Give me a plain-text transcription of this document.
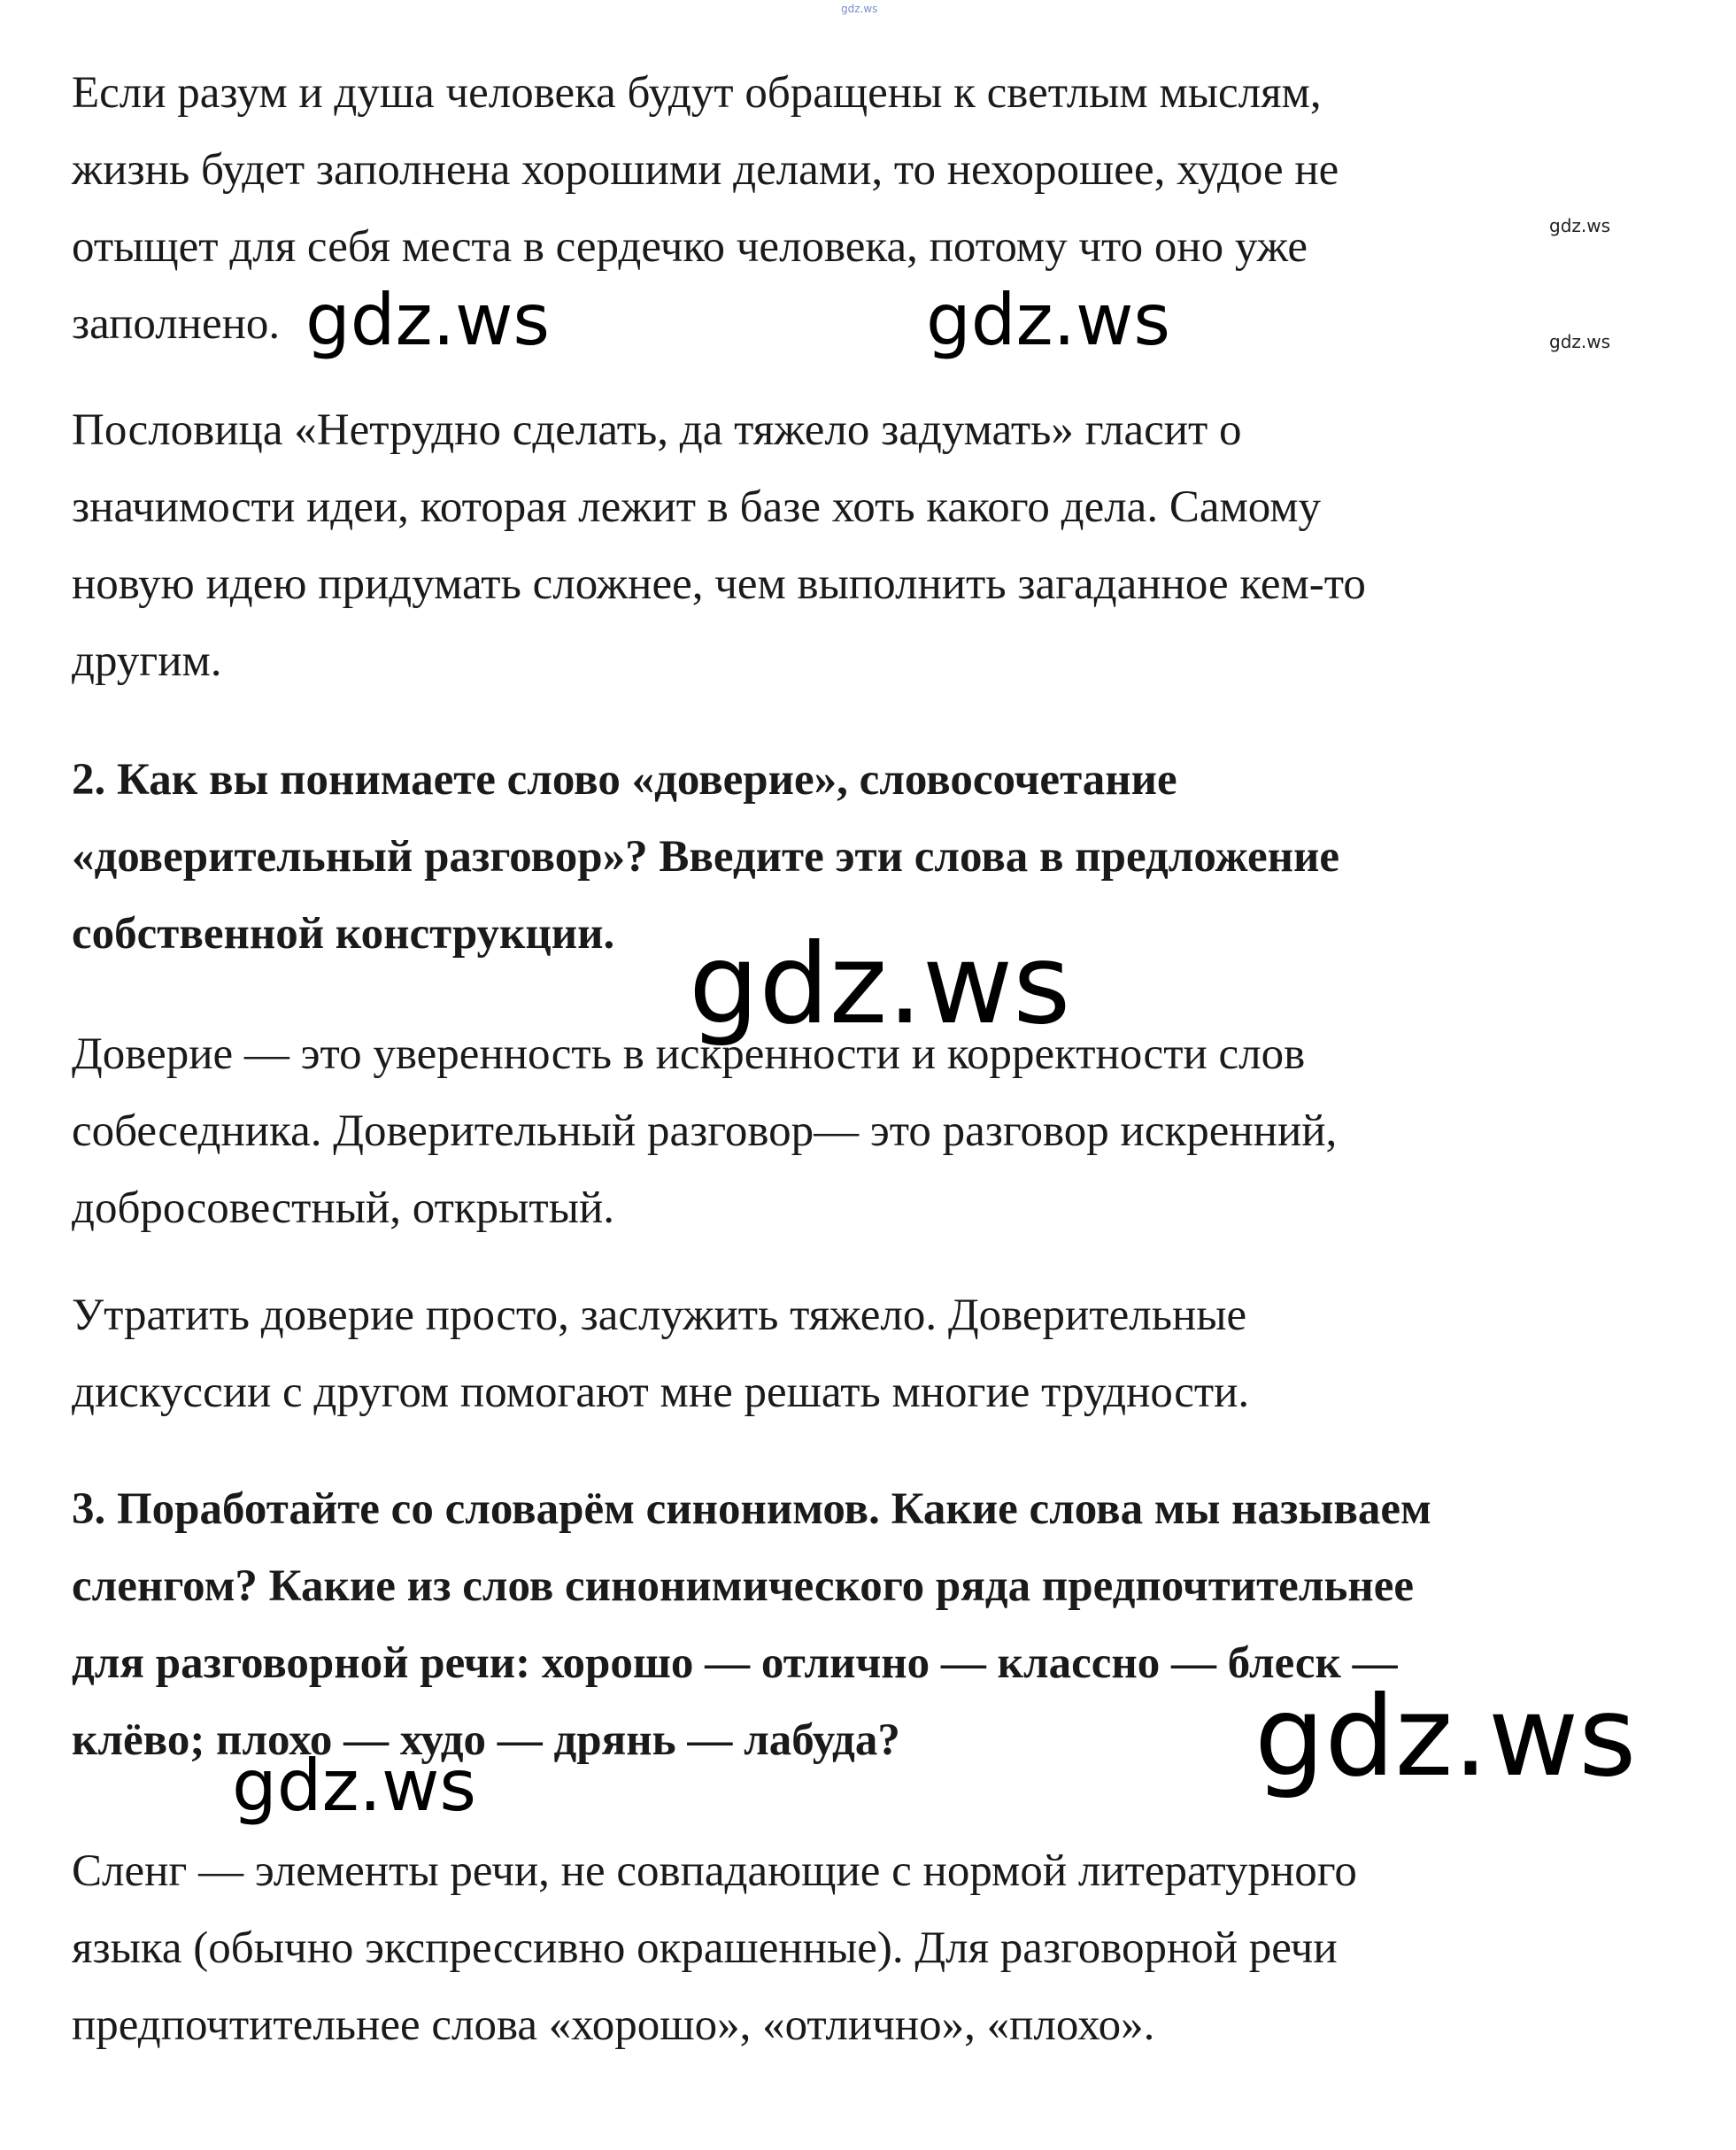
Если разум и душа человека будут обращены к светлым мыслям,
жизнь будет заполнена хорошими делами, то нехорошее, худое не
отыщет для себя места в сердечко человека, потому что оно уже
заполнено.
Пословица «Нетрудно сделать, да тяжело задумать» гласит о
значимости идеи, которая лежит в базе хоть какого дела. Самому
новую идею придумать сложнее, чем выполнить загаданное кем-то
другим.
2. Как вы понимаете слово «доверие», словосочетание
«доверительный разговор»? Введите эти слова в предложение
собственной конструкции.
Доверие — это уверенность в искренности и корректности слов
собеседника. Доверительный разговор— это разговор искренний,
добросовестный, открытый.
Утратить доверие просто, заслужить тяжело. Доверительные
дискуссии с другом помогают мне решать многие трудности.
3. Поработайте со словарём синонимов. Какие слова мы называем
сленгом? Какие из слов синонимического ряда предпочтительнее
для разговорной речи: хорошо — отлично — классно — блеск —
клёво; плохо — худо — дрянь — лабуда?
Сленг — элементы речи, не совпадающие с нормой литературного
языка (обычно экспрессивно окрашенные). Для разговорной речи
предпочтительнее слова «хорошо», «отлично», «плохо».
gdz.ws
gdz.ws	gdz.ws
gdz.ws
gdz.ws
gdz.ws
gdz.ws
gdz.ws
